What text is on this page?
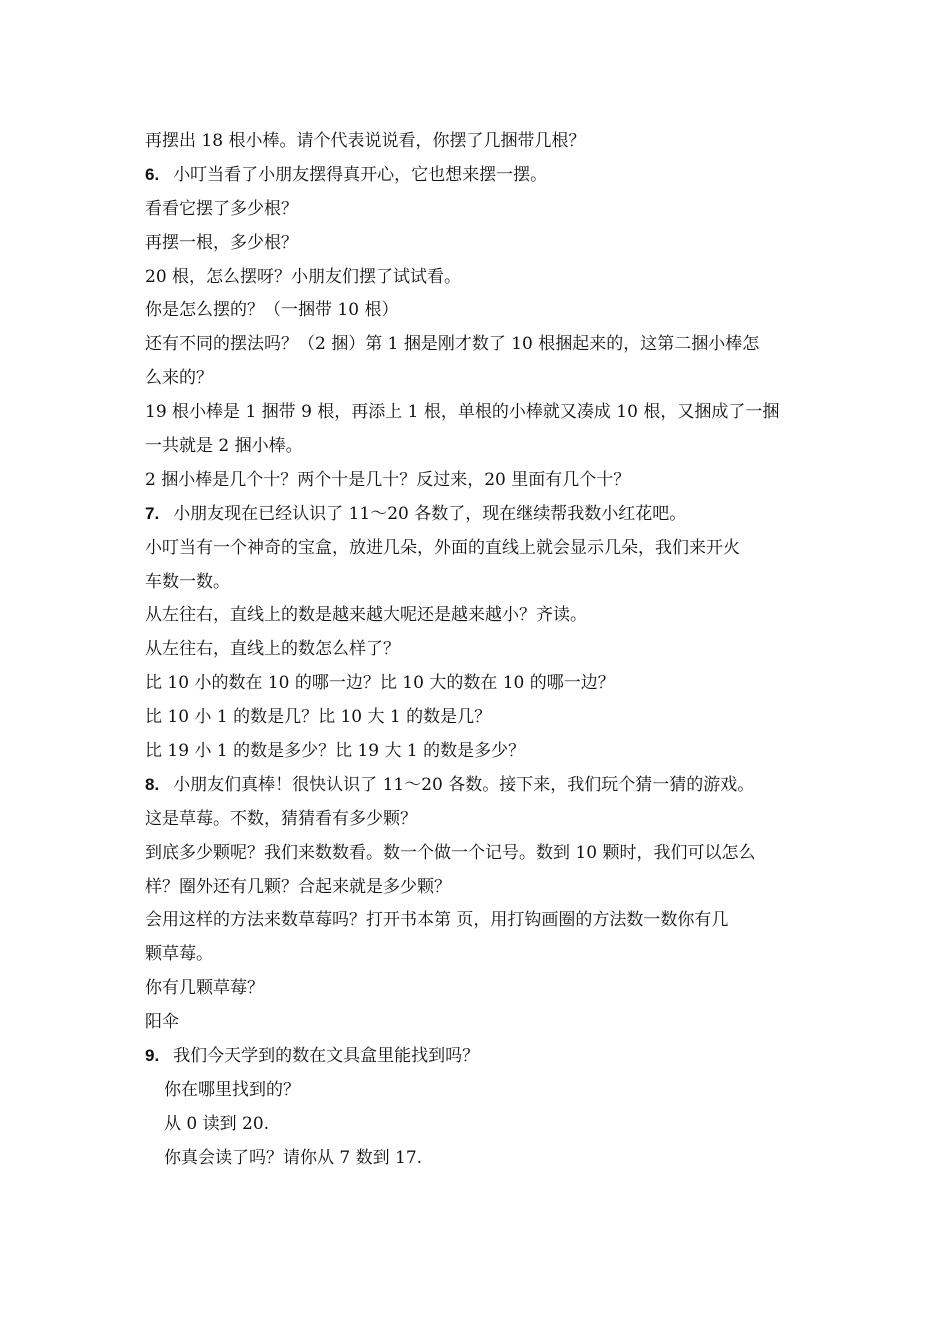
再摆出 18 根小棒。请个代表说说看，你摆了几捆带几根？
6. 小叮当看了小朋友摆得真开心，它也想来摆一摆。
看看它摆了多少根？
再摆一根，多少根？
20 根，怎么摆呀？小朋友们摆了试试看。
你是怎么摆的？（一捆带 10 根）
还有不同的摆法吗？（2 捆）第 1 捆是刚才数了 10 根捆起来的，这第二捆小棒怎
么来的？
19 根小棒是 1 捆带 9 根，再添上 1 根，单根的小棒就又凑成 10 根，又捆成了一捆
一共就是 2 捆小棒。
2 捆小棒是几个十？两个十是几十？反过来，20 里面有几个十？
7. 小朋友现在已经认识了 11～20 各数了，现在继续帮我数小红花吧。
小叮当有一个神奇的宝盒，放进几朵，外面的直线上就会显示几朵，我们来开火
车数一数。
从左往右，直线上的数是越来越大呢还是越来越小？齐读。
从左往右，直线上的数怎么样了？
比 10 小的数在 10 的哪一边？比 10 大的数在 10 的哪一边？
比 10 小 1 的数是几？比 10 大 1 的数是几？
比 19 小 1 的数是多少？比 19 大 1 的数是多少？
8. 小朋友们真棒！很快认识了 11～20 各数。接下来，我们玩个猜一猜的游戏。
这是草莓。不数，猜猜看有多少颗？
到底多少颗呢？我们来数数看。数一个做一个记号。数到 10 颗时，我们可以怎么
样？圈外还有几颗？合起来就是多少颗？
会用这样的方法来数草莓吗？打开书本第 页，用打钩画圈的方法数一数你有几
颗草莓。
你有几颗草莓？
阳伞
9. 我们今天学到的数在文具盒里能找到吗？
你在哪里找到的？
从 0 读到 20.
你真会读了吗？请你从 7 数到 17.
